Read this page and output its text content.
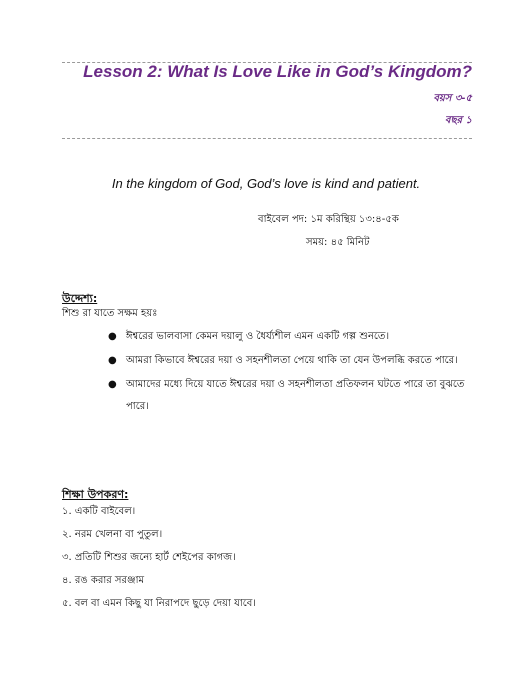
Lesson 2: What Is Love Like in God’s Kingdom?
বয়স ৩-৫
বছর ১
In the kingdom of God, God’s love is kind and patient.
বাইবেল পদ: ১ম করিন্থিয় ১৩:৪-৫ক
সময়: ৪৫ মিনিট
উদ্দেশ্য:
শিশু রা যাতে সক্ষম হয়ঃ
● ঈশ্বরের ভালবাসা কেমন দয়ালু ও ধৈর্য্যশীল এমন একটি গল্প শুনতে।
● আমরা কিভাবে ঈশ্বরের দয়া ও সহনশীলতা পেয়ে থাকি তা যেন উপলব্ধি করতে পারে।
● আমাদের মধ্যে দিয়ে যাতে ঈশ্বরের দয়া ও সহনশীলতা প্রতিফলন ঘটতে পারে তা বুঝতে পারে।
শিক্ষা উপকরণ:
১. একটি বাইবেল।
২. নরম খেলনা বা পুতুল।
৩. প্রতিটি শিশুর জন্যে হার্ট শেইপের কাগজ।
৪. রঙ করার সরঞ্জাম
৫. বল বা এমন কিছু যা নিরাপদে ছুড়ে দেয়া যাবে।
